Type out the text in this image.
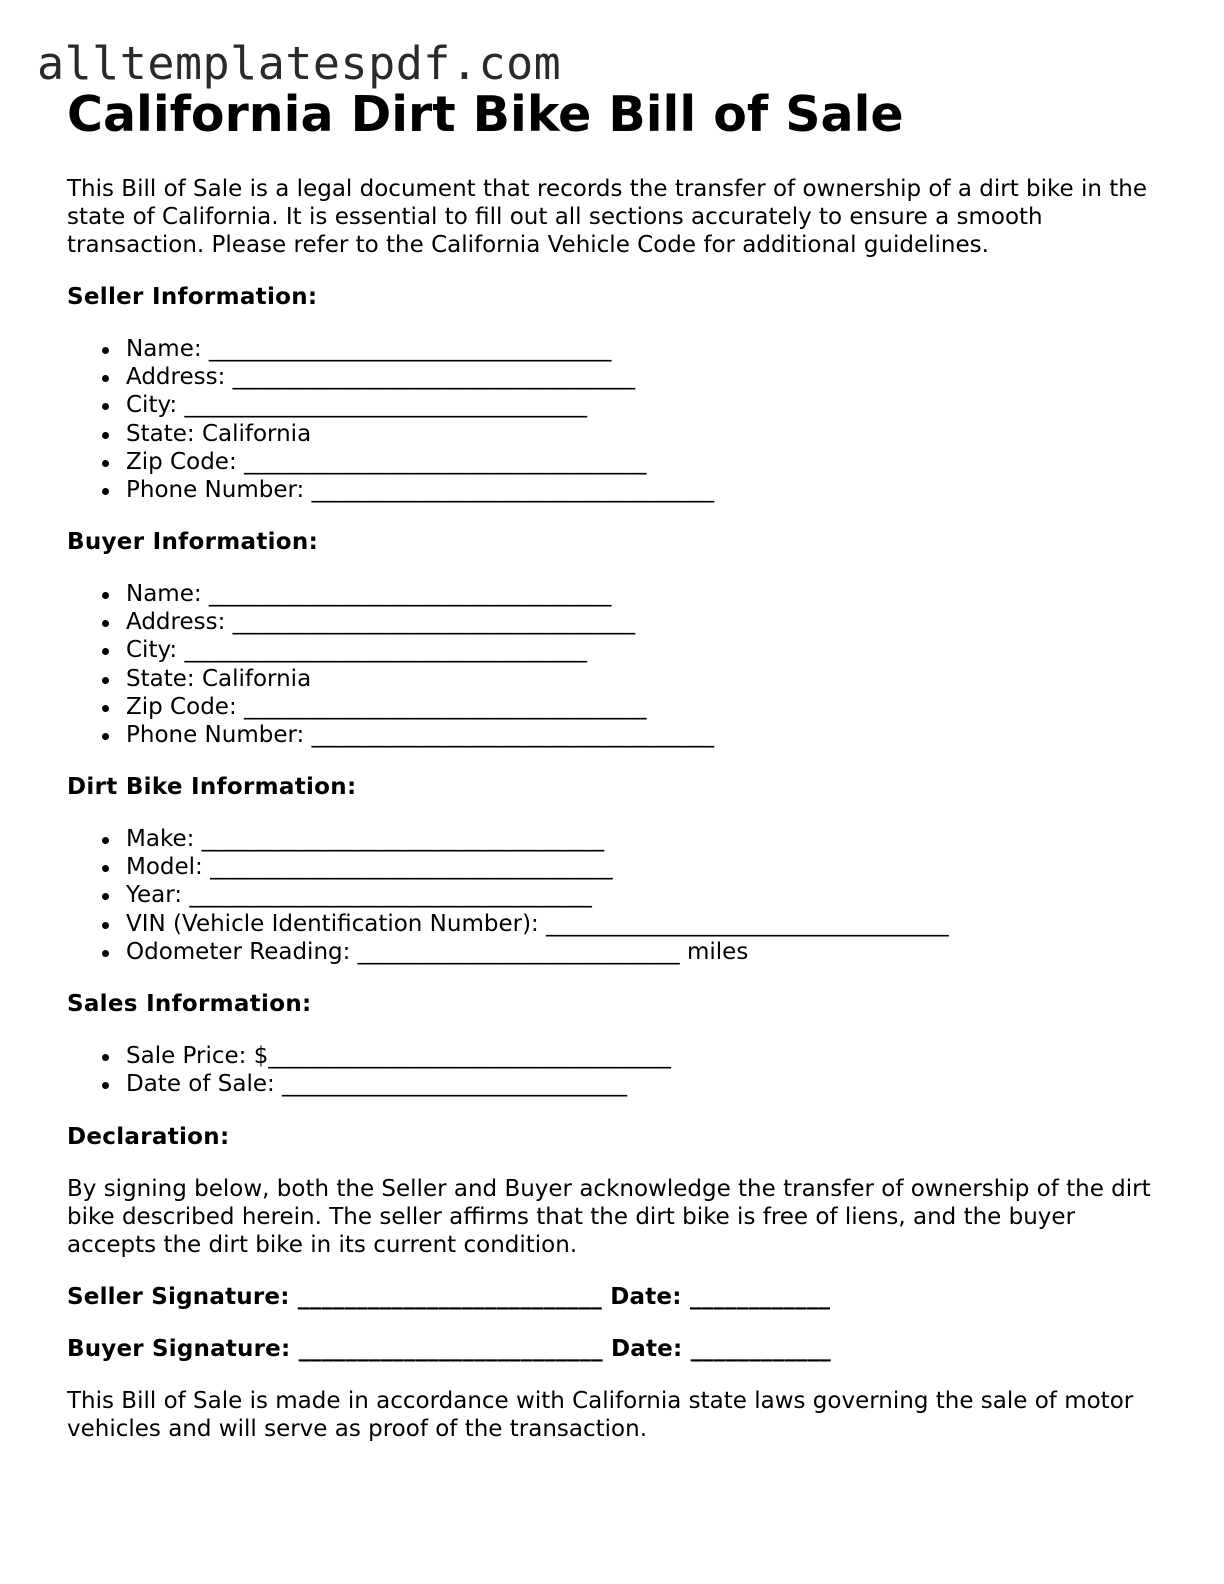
alltemplatespdf.com
California Dirt Bike Bill of Sale

This Bill of Sale is a legal document that records the transfer of ownership of a dirt bike in the state of California. It is essential to fill out all sections accurately to ensure a smooth transaction. Please refer to the California Vehicle Code for additional guidelines.

Seller Information:
Name: ___________________________________
Address: ___________________________________
City: ___________________________________
State: California
Zip Code: ___________________________________
Phone Number: ___________________________________
Buyer Information:
Name: ___________________________________
Address: ___________________________________
City: ___________________________________
State: California
Zip Code: ___________________________________
Phone Number: ___________________________________
Dirt Bike Information:
Make: ___________________________________
Model: ___________________________________
Year: ___________________________________
VIN (Vehicle Identification Number): ___________________________________
Odometer Reading: ____________________________ miles
Sales Information:
Sale Price: $___________________________________
Date of Sale: ______________________________
Declaration:

By signing below, both the Seller and Buyer acknowledge the transfer of ownership of the dirt bike described herein. The seller affirms that the dirt bike is free of liens, and the buyer accepts the dirt bike in its current condition.

Seller Signature: __________________________ Date: ____________
Buyer Signature: __________________________ Date: ____________

This Bill of Sale is made in accordance with California state laws governing the sale of motor vehicles and will serve as proof of the transaction.
